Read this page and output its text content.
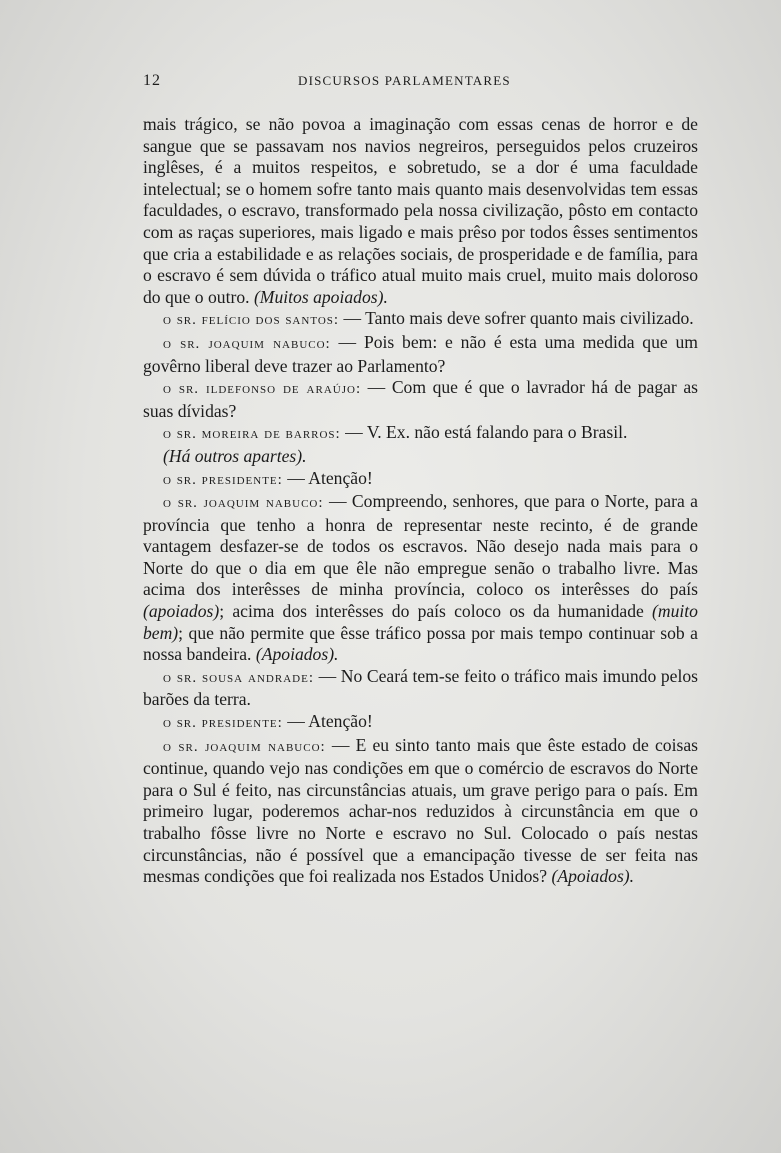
12	DISCURSOS PARLAMENTARES

mais trágico, se não povoa a imaginação com essas cenas de horror e de sangue que se passavam nos navios negreiros, perseguidos pelos cruzeiros inglêses, é a muitos respeitos, e sobretudo, se a dor é uma faculdade intelectual; se o homem sofre tanto mais quanto mais desenvolvidas tem essas faculdades, o escravo, transformado pela nossa civilização, pôsto em contacto com as raças superiores, mais ligado e mais prêso por todos êsses sentimentos que cria a estabilidade e as relações sociais, de prosperidade e de família, para o escravo é sem dúvida o tráfico atual muito mais cruel, muito mais doloroso do que o outro. (Muitos apoiados).

o sr. felício dos santos: — Tanto mais deve sofrer quanto mais civilizado.

o sr. joaquim nabuco: — Pois bem: e não é esta uma medida que um govêrno liberal deve trazer ao Parlamento?

o sr. ildefonso de araújo: — Com que é que o lavrador há de pagar as suas dívidas?

o sr. moreira de barros: — V. Ex. não está falando para o Brasil.

(Há outros apartes).

o sr. presidente: — Atenção!

o sr. joaquim nabuco: — Compreendo, senhores, que para o Norte, para a província que tenho a honra de representar neste recinto, é de grande vantagem desfazer-se de todos os escravos. Não desejo nada mais para o Norte do que o dia em que êle não empregue senão o trabalho livre. Mas acima dos interêsses de minha província, coloco os interêsses do país (apoiados); acima dos interêsses do país coloco os da humanidade (muito bem); que não permite que êsse tráfico possa por mais tempo continuar sob a nossa bandeira. (Apoiados).

o sr. sousa andrade: — No Ceará tem-se feito o tráfico mais imundo pelos barões da terra.

o sr. presidente: — Atenção!

o sr. joaquim nabuco: — E eu sinto tanto mais que êste estado de coisas continue, quando vejo nas condições em que o comércio de escravos do Norte para o Sul é feito, nas circunstâncias atuais, um grave perigo para o país. Em primeiro lugar, poderemos achar-nos reduzidos à circunstância em que o trabalho fôsse livre no Norte e escravo no Sul. Colocado o país nestas circunstâncias, não é possível que a emancipação tivesse de ser feita nas mesmas condições que foi realizada nos Estados Unidos? (Apoiados).
